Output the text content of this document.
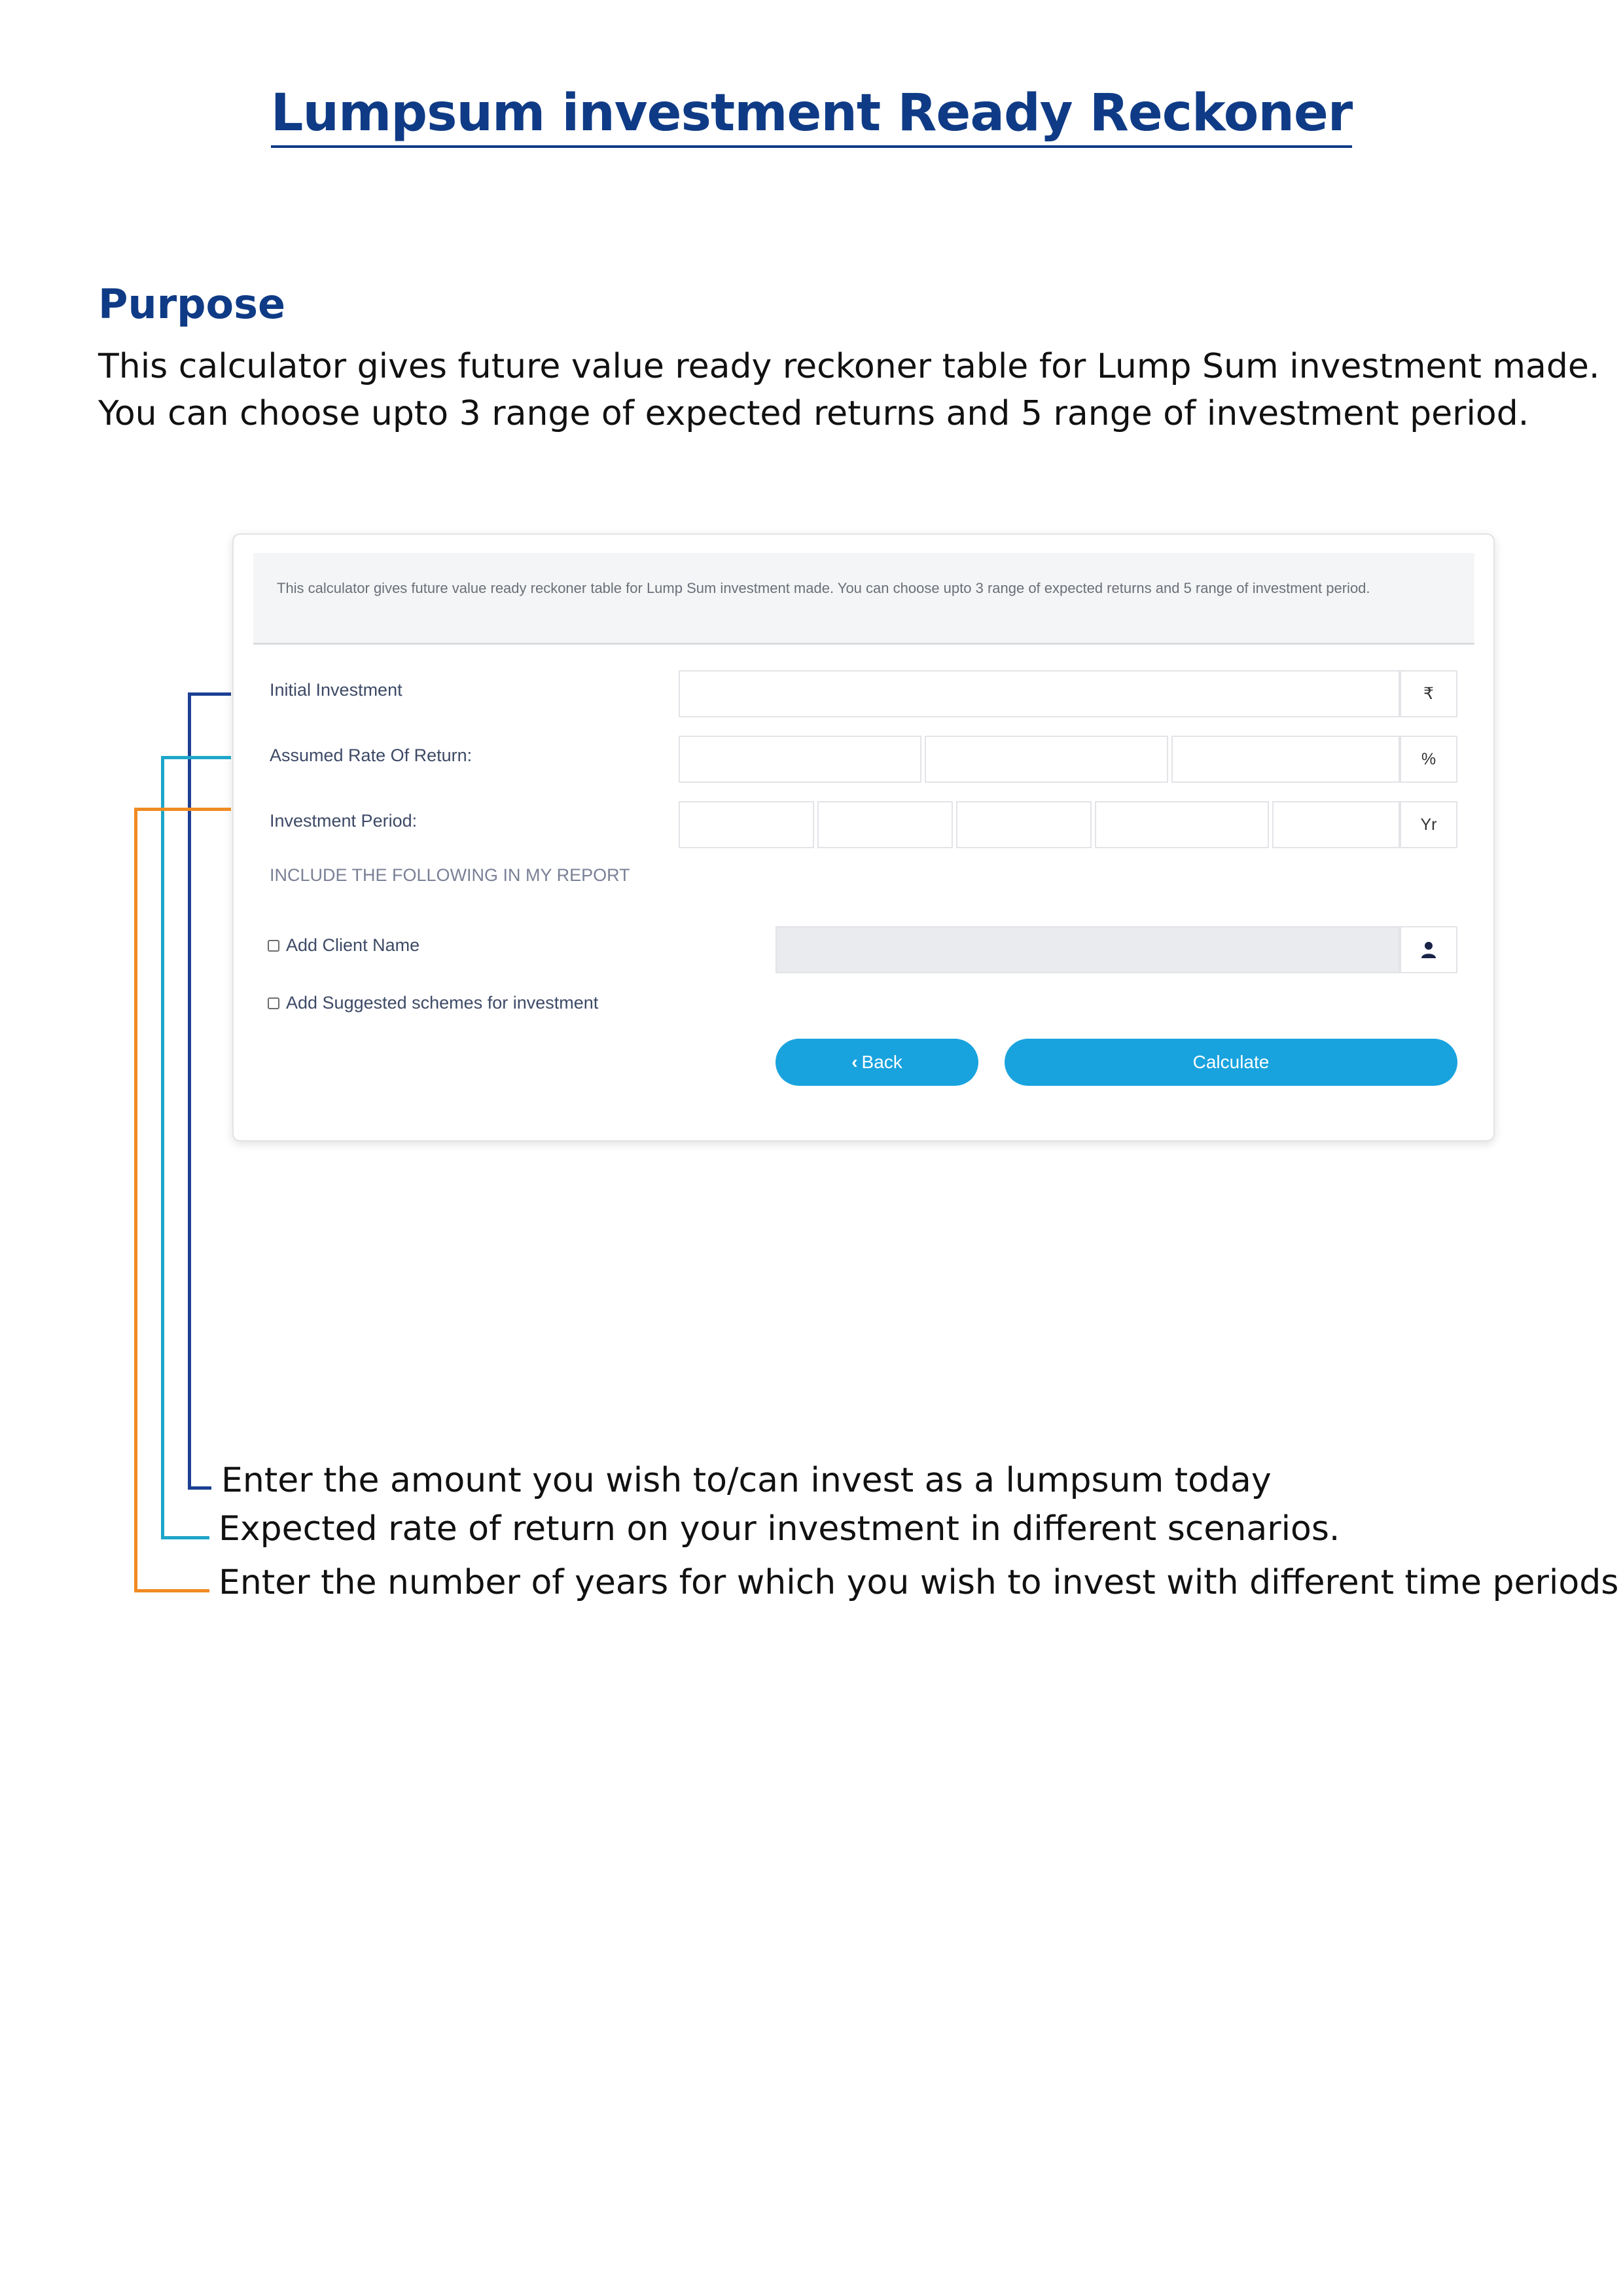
Lumpsum investment Ready Reckoner
Purpose
This calculator gives future value ready reckoner table for Lump Sum investment made.
You can choose upto 3 range of expected returns and 5 range of investment period.
This calculator gives future value ready reckoner table for Lump Sum investment made. You can choose upto 3 range of expected returns and 5 range of investment period.
Initial Investment	₹
Assumed Rate Of Return:	%
Investment Period:	Yr
INCLUDE THE FOLLOWING IN MY REPORT
Add Client Name
Add Suggested schemes for investment
‹ Back	Calculate
Enter the amount you wish to/can invest as a lumpsum today
Expected rate of return on your investment in different scenarios.
Enter the number of years for which you wish to invest with different time periods
